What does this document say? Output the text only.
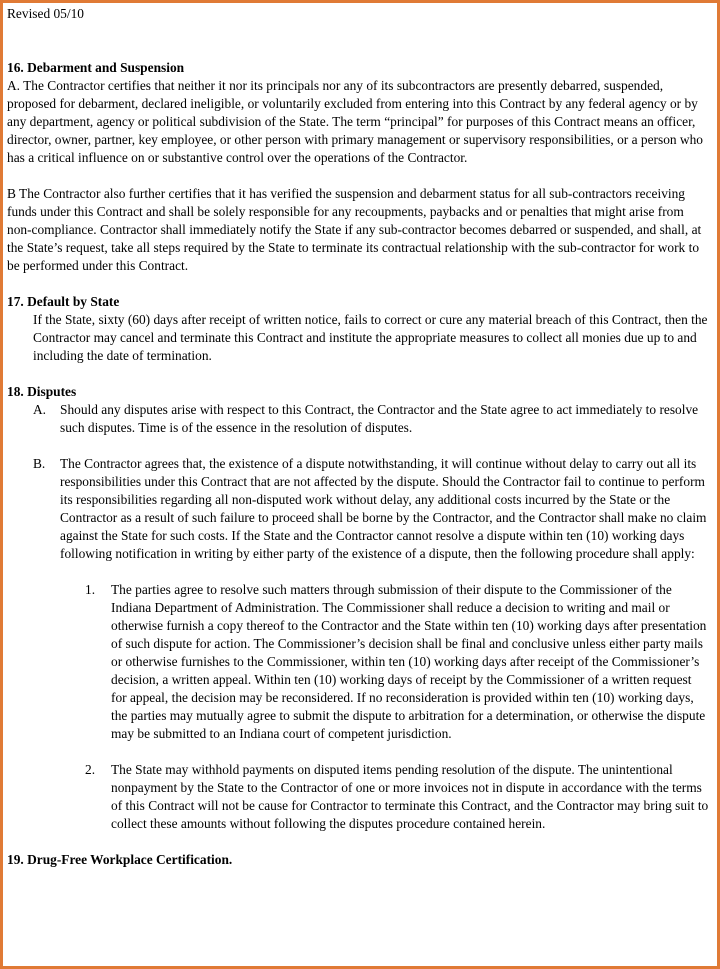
Revised 05/10

16. Debarment and Suspension

A. The Contractor certifies that neither it nor its principals nor any of its subcontractors are presently debarred, suspended, proposed for debarment, declared ineligible, or voluntarily excluded from entering into this Contract by any federal agency or by any department, agency or political subdivision of the State. The term “principal” for purposes of this Contract means an officer, director, owner, partner, key employee, or other person with primary management or supervisory responsibilities, or a person who has a critical influence on or substantive control over the operations of the Contractor.

B The Contractor also further certifies that it has verified the suspension and debarment status for all sub-contractors receiving funds under this Contract and shall be solely responsible for any recoupments, paybacks and or penalties that might arise from non-compliance. Contractor shall immediately notify the State if any sub-contractor becomes debarred or suspended, and shall, at the State’s request, take all steps required by the State to terminate its contractual relationship with the sub-contractor for work to be performed under this Contract.

17. Default by State

If the State, sixty (60) days after receipt of written notice, fails to correct or cure any material breach of this Contract, then the Contractor may cancel and terminate this Contract and institute the appropriate measures to collect all monies due up to and including the date of termination.

18. Disputes

A.	Should any disputes arise with respect to this Contract, the Contractor and the State agree to act immediately to resolve such disputes. Time is of the essence in the resolution of disputes.
B.	The Contractor agrees that, the existence of a dispute notwithstanding, it will continue without delay to carry out all its responsibilities under this Contract that are not affected by the dispute. Should the Contractor fail to continue to perform its responsibilities regarding all non-disputed work without delay, any additional costs incurred by the State or the Contractor as a result of such failure to proceed shall be borne by the Contractor, and the Contractor shall make no claim against the State for such costs. If the State and the Contractor cannot resolve a dispute within ten (10) working days following notification in writing by either party of the existence of a dispute, then the following procedure shall apply:
1.	The parties agree to resolve such matters through submission of their dispute to the Commissioner of the Indiana Department of Administration. The Commissioner shall reduce a decision to writing and mail or otherwise furnish a copy thereof to the Contractor and the State within ten (10) working days after presentation of such dispute for action. The Commissioner’s decision shall be final and conclusive unless either party mails or otherwise furnishes to the Commissioner, within ten (10) working days after receipt of the Commissioner’s decision, a written appeal. Within ten (10) working days of receipt by the Commissioner of a written request for appeal, the decision may be reconsidered. If no reconsideration is provided within ten (10) working days, the parties may mutually agree to submit the dispute to arbitration for a determination, or otherwise the dispute may be submitted to an Indiana court of competent jurisdiction.
2.	The State may withhold payments on disputed items pending resolution of the dispute. The unintentional nonpayment by the State to the Contractor of one or more invoices not in dispute in accordance with the terms of this Contract will not be cause for Contractor to terminate this Contract, and the Contractor may bring suit to collect these amounts without following the disputes procedure contained herein.

19. Drug-Free Workplace Certification.
